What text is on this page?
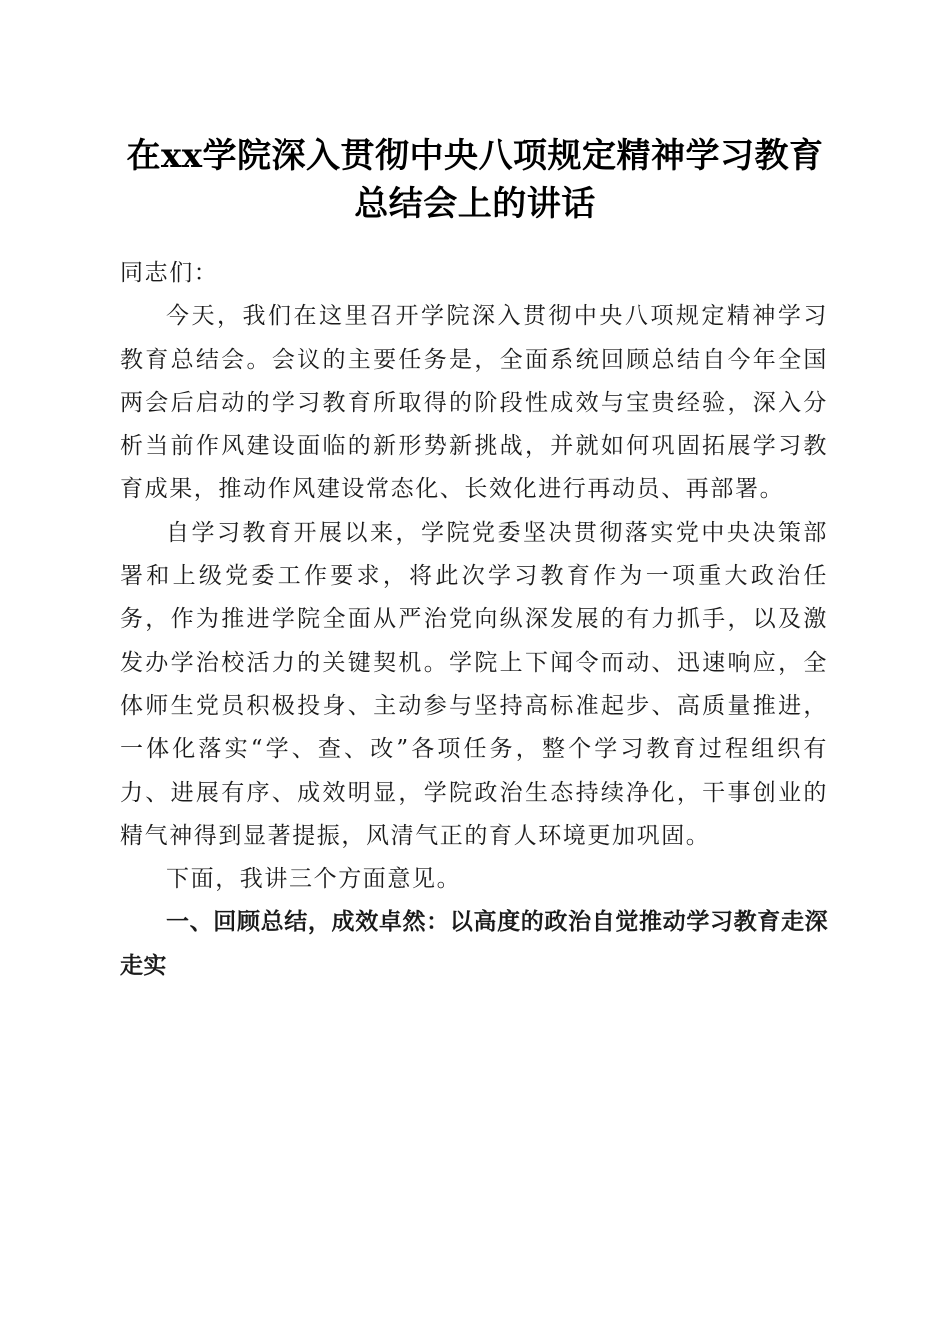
在xx学院深入贯彻中央八项规定精神学习教育总结会上的讲话

同志们：

今天，我们在这里召开学院深入贯彻中央八项规定精神学习教育总结会。会议的主要任务是，全面系统回顾总结自今年全国两会后启动的学习教育所取得的阶段性成效与宝贵经验，深入分析当前作风建设面临的新形势新挑战，并就如何巩固拓展学习教育成果，推动作风建设常态化、长效化进行再动员、再部署。

自学习教育开展以来，学院党委坚决贯彻落实党中央决策部署和上级党委工作要求，将此次学习教育作为一项重大政治任务，作为推进学院全面从严治党向纵深发展的有力抓手，以及激发办学治校活力的关键契机。学院上下闻令而动、迅速响应，全体师生党员积极投身、主动参与坚持高标准起步、高质量推进，一体化落实“学、查、改”各项任务，整个学习教育过程组织有力、进展有序、成效明显，学院政治生态持续净化，干事创业的精气神得到显著提振，风清气正的育人环境更加巩固。

下面，我讲三个方面意见。

一、回顾总结，成效卓然：以高度的政治自觉推动学习教育走深走实
